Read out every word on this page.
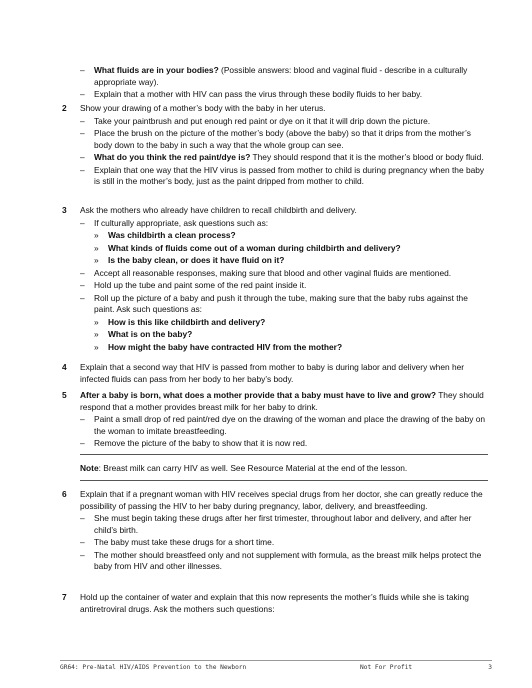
– What fluids are in your bodies? (Possible answers: blood and vaginal fluid - describe in a culturally appropriate way).
– Explain that a mother with HIV can pass the virus through these bodily fluids to her baby.
2	Show your drawing of a mother’s body with the baby in her uterus.
– Take your paintbrush and put enough red paint or dye on it that it will drip down the picture.
– Place the brush on the picture of the mother’s body (above the baby) so that it drips from the mother’s body down to the baby in such a way that the whole group can see.
– What do you think the red paint/dye is? They should respond that it is the mother’s blood or body fluid.
– Explain that one way that the HIV virus is passed from mother to child is during pregnancy when the baby is still in the mother’s body, just as the paint dripped from mother to child.
3	Ask the mothers who already have children to recall childbirth and delivery.
– If culturally appropriate, ask questions such as:
» Was childbirth a clean process?
» What kinds of fluids come out of a woman during childbirth and delivery?
» Is the baby clean, or does it have fluid on it?
– Accept all reasonable responses, making sure that blood and other vaginal fluids are mentioned.
– Hold up the tube and paint some of the red paint inside it.
– Roll up the picture of a baby and push it through the tube, making sure that the baby rubs against the paint. Ask such questions as:
» How is this like childbirth and delivery?
» What is on the baby?
» How might the baby have contracted HIV from the mother?
4	Explain that a second way that HIV is passed from mother to baby is during labor and delivery when her infected fluids can pass from her body to her baby’s body.
5	After a baby is born, what does a mother provide that a baby must have to live and grow? They should respond that a mother provides breast milk for her baby to drink.
– Paint a small drop of red paint/red dye on the drawing of the woman and place the drawing of the baby on the woman to imitate breastfeeding.
– Remove the picture of the baby to show that it is now red.
Note: Breast milk can carry HIV as well. See Resource Material at the end of the lesson.
6	Explain that if a pregnant woman with HIV receives special drugs from her doctor, she can greatly reduce the possibility of passing the HIV to her baby during pregnancy, labor, delivery, and breastfeeding.
– She must begin taking these drugs after her first trimester, throughout labor and delivery, and after her child’s birth.
– The baby must take these drugs for a short time.
– The mother should breastfeed only and not supplement with formula, as the breast milk helps protect the baby from HIV and other illnesses.
7	Hold up the container of water and explain that this now represents the mother’s fluids while she is taking antiretroviral drugs. Ask the mothers such questions:
GR64: Pre-Natal HIV/AIDS Prevention to the Newborn	Not For Profit	3
